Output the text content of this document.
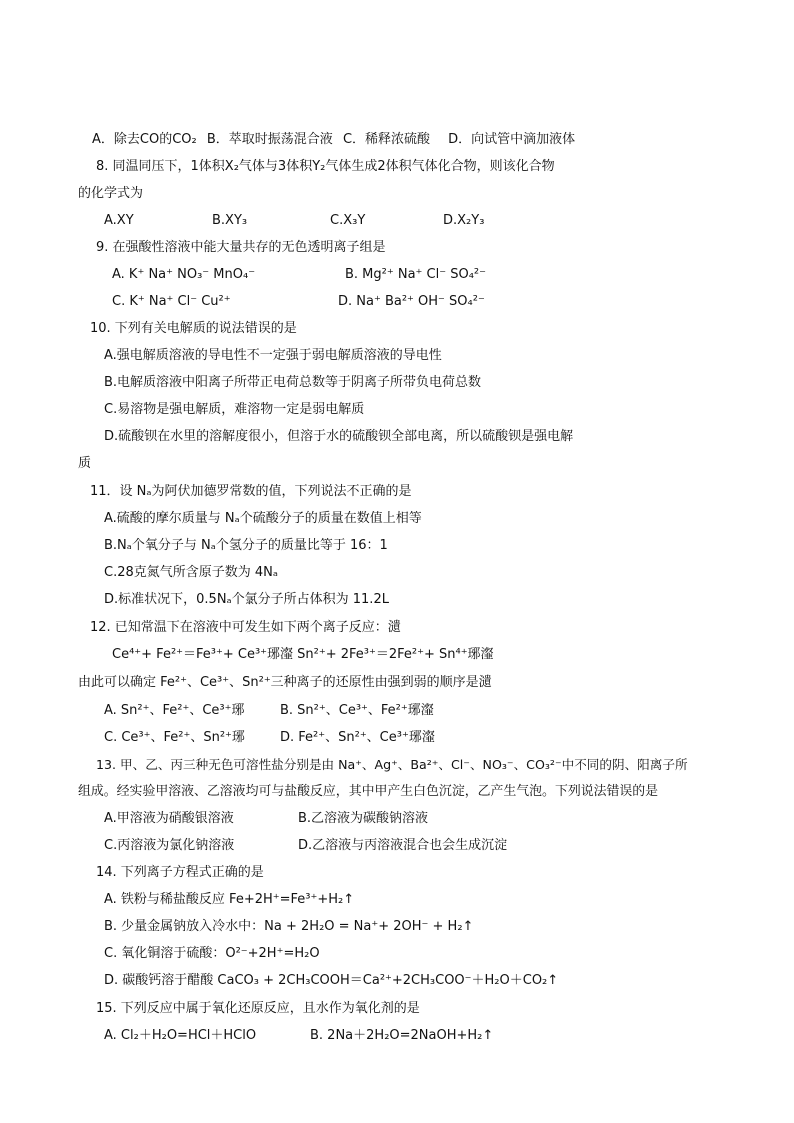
A．除去CO的CO₂ B．萃取时振荡混合液 C．稀释浓硫酸 D．向试管中滴加液体
8. 同温同压下，1体积X₂气体与3体积Y₂气体生成2体积气体化合物，则该化合物
的化学式为
A.XY	B.XY₃	C.X₃Y	D.X₂Y₃
9. 在强酸性溶液中能大量共存的无色透明离子组是
A. K⁺ Na⁺ NO₃⁻ MnO₄⁻	B. Mg²⁺ Na⁺ Cl⁻ SO₄²⁻
C. K⁺ Na⁺ Cl⁻ Cu²⁺	D. Na⁺ Ba²⁺ OH⁻ SO₄²⁻
10. 下列有关电解质的说法错误的是
A.强电解质溶液的导电性不一定强于弱电解质溶液的导电性
B.电解质溶液中阳离子所带正电荷总数等于阴离子所带负电荷总数
C.易溶物是强电解质，难溶物一定是弱电解质
D.硫酸钡在水里的溶解度很小，但溶于水的硫酸钡全部电离，所以硫酸钡是强电解
质
11．设 Nₐ为阿伏加德罗常数的值，下列说法不正确的是
A.硫酸的摩尔质量与 Nₐ个硫酸分子的质量在数值上相等
B.Nₐ个氧分子与 Nₐ个氢分子的质量比等于 16：1
C.28克氮气所含原子数为 4Nₐ
D.标准状况下，0.5Nₐ个氯分子所占体积为 11.2L
12. 已知常温下在溶液中可发生如下两个离子反应：瀢
Ce⁴⁺+ Fe²⁺＝Fe³⁺+ Ce³⁺琊瀣 Sn²⁺+ 2Fe³⁺＝2Fe²⁺+ Sn⁴⁺琊瀣
由此可以确定 Fe²⁺、Ce³⁺、Sn²⁺三种离子的还原性由强到弱的顺序是瀢
A. Sn²⁺、Fe²⁺、Ce³⁺琊	B. Sn²⁺、Ce³⁺、Fe²⁺琊瀣
C. Ce³⁺、Fe²⁺、Sn²⁺琊	D. Fe²⁺、Sn²⁺、Ce³⁺琊瀣
13. 甲、乙、丙三种无色可溶性盐分别是由 Na⁺、Ag⁺、Ba²⁺、Cl⁻、NO₃⁻、CO₃²⁻中不同的阴、阳离子所
组成。经实验甲溶液、乙溶液均可与盐酸反应，其中甲产生白色沉淀，乙产生气泡。下列说法错误的是
A.甲溶液为硝酸银溶液	B.乙溶液为碳酸钠溶液
C.丙溶液为氯化钠溶液	D.乙溶液与丙溶液混合也会生成沉淀
14. 下列离子方程式正确的是
A. 铁粉与稀盐酸反应 Fe+2H⁺=Fe³⁺+H₂↑
B. 少量金属钠放入冷水中：Na + 2H₂O = Na⁺+ 2OH⁻ + H₂↑
C. 氧化铜溶于硫酸：O²⁻+2H⁺=H₂O
D. 碳酸钙溶于醋酸 CaCO₃ + 2CH₃COOH＝Ca²⁺+2CH₃COO⁻＋H₂O＋CO₂↑
15. 下列反应中属于氧化还原反应，且水作为氧化剂的是
A. Cl₂＋H₂O=HCl＋HClO	B. 2Na＋2H₂O=2NaOH+H₂↑
